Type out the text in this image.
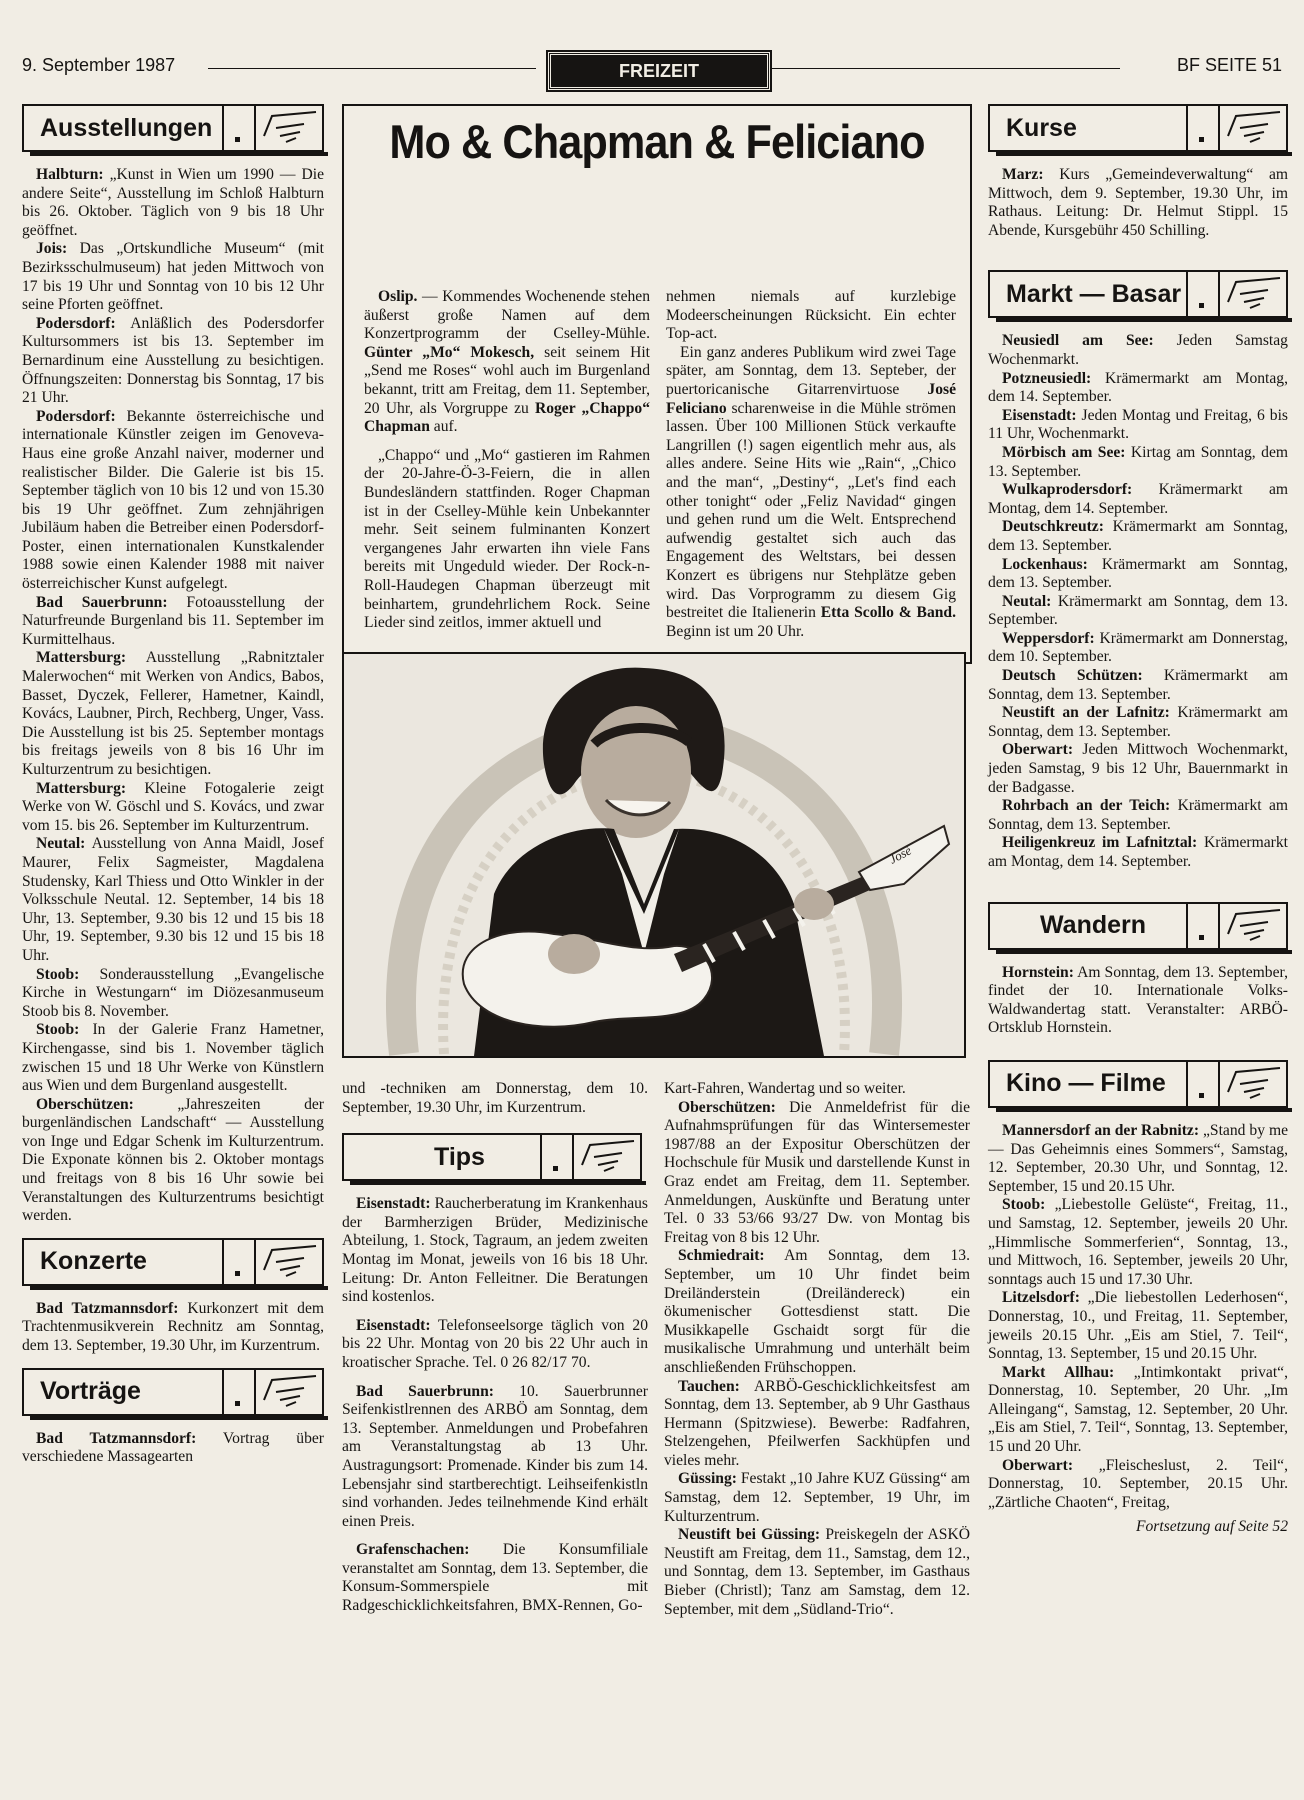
9. September 1987	FREIZEIT	BF SEITE 51
Ausstellungen

Halbturn: „Kunst in Wien um 1990 — Die andere Seite“, Ausstellung im Schloß Halbturn bis 26. Oktober. Täglich von 9 bis 18 Uhr geöffnet.

Jois: Das „Ortskundliche Museum“ (mit Bezirksschulmuseum) hat jeden Mittwoch von 17 bis 19 Uhr und Sonntag von 10 bis 12 Uhr seine Pforten geöffnet.

Podersdorf: Anläßlich des Podersdorfer Kultursommers ist bis 13. September im Bernardinum eine Ausstellung zu besichtigen. Öffnungszeiten: Donnerstag bis Sonntag, 17 bis 21 Uhr.

Podersdorf: Bekannte österreichische und internationale Künstler zeigen im Genoveva-Haus eine große Anzahl naiver, moderner und realistischer Bilder. Die Galerie ist bis 15. September täglich von 10 bis 12 und von 15.30 bis 19 Uhr geöffnet. Zum zehnjährigen Jubiläum haben die Betreiber einen Podersdorf-Poster, einen internationalen Kunstkalender 1988 sowie einen Kalender 1988 mit naiver österreichischer Kunst aufgelegt.

Bad Sauerbrunn: Fotoausstellung der Naturfreunde Burgenland bis 11. September im Kurmittelhaus.

Mattersburg: Ausstellung „Rabnitztaler Malerwochen“ mit Werken von Andics, Babos, Basset, Dyczek, Fellerer, Hametner, Kaindl, Kovács, Laubner, Pirch, Rechberg, Unger, Vass. Die Ausstellung ist bis 25. September montags bis freitags jeweils von 8 bis 16 Uhr im Kulturzentrum zu besichtigen.

Mattersburg: Kleine Fotogalerie zeigt Werke von W. Göschl und S. Kovács, und zwar vom 15. bis 26. September im Kulturzentrum.

Neutal: Ausstellung von Anna Maidl, Josef Maurer, Felix Sagmeister, Magdalena Studensky, Karl Thiess und Otto Winkler in der Volksschule Neutal. 12. September, 14 bis 18 Uhr, 13. September, 9.30 bis 12 und 15 bis 18 Uhr, 19. September, 9.30 bis 12 und 15 bis 18 Uhr.

Stoob: Sonderausstellung „Evangelische Kirche in Westungarn“ im Diözesanmuseum Stoob bis 8. November.

Stoob: In der Galerie Franz Hametner, Kirchengasse, sind bis 1. November täglich zwischen 15 und 18 Uhr Werke von Künstlern aus Wien und dem Burgenland ausgestellt.

Oberschützen: „Jahreszeiten der burgenländischen Landschaft“ — Ausstellung von Inge und Edgar Schenk im Kulturzentrum. Die Exponate können bis 2. Oktober montags und freitags von 8 bis 16 Uhr sowie bei Veranstaltungen des Kulturzentrums besichtigt werden.

Konzerte

Bad Tatzmannsdorf: Kurkonzert mit dem Trachtenmusikverein Rechnitz am Sonntag, dem 13. September, 19.30 Uhr, im Kurzentrum.

Vorträge

Bad Tatzmannsdorf: Vortrag über verschiedene Massagearten

Mo & Chapman & Feliciano

Oslip. — Kommendes Wochenende stehen äußerst große Namen auf dem Konzertprogramm der Cselley-Mühle. Günter „Mo“ Mokesch, seit seinem Hit „Send me Roses“ wohl auch im Burgenland bekannt, tritt am Freitag, dem 11. September, 20 Uhr, als Vorgruppe zu Roger „Chappo“ Chapman auf.

„Chappo“ und „Mo“ gastieren im Rahmen der 20-Jahre-Ö-3-Feiern, die in allen Bundesländern stattfinden. Roger Chapman ist in der Cselley-Mühle kein Unbekannter mehr. Seit seinem fulminanten Konzert vergangenes Jahr erwarten ihn viele Fans bereits mit Ungeduld wieder. Der Rock-n-Roll-Haudegen Chapman überzeugt mit beinhartem, grundehrlichem Rock. Seine Lieder sind zeitlos, immer aktuell und

nehmen niemals auf kurzlebige Modeerscheinungen Rücksicht. Ein echter Top-act.

Ein ganz anderes Publikum wird zwei Tage später, am Sonntag, dem 13. Septeber, der puertoricanische Gitarrenvirtuose José Feliciano scharenweise in die Mühle strömen lassen. Über 100 Millionen Stück verkaufte Langrillen (!) sagen eigentlich mehr aus, als alles andere. Seine Hits wie „Rain“, „Chico and the man“, „Destiny“, „Let's find each other tonight“ oder „Feliz Navidad“ gingen und gehen rund um die Welt. Entsprechend aufwendig gestaltet sich auch das Engagement des Weltstars, bei dessen Konzert es übrigens nur Stehplätze geben wird. Das Vorprogramm zu diesem Gig bestreitet die Italienerin Etta Scollo & Band. Beginn ist um 20 Uhr.

José

und -techniken am Donnerstag, dem 10. September, 19.30 Uhr, im Kurzentrum.

Tips

Eisenstadt: Raucherberatung im Krankenhaus der Barmherzigen Brüder, Medizinische Abteilung, 1. Stock, Tagraum, an jedem zweiten Montag im Monat, jeweils von 16 bis 18 Uhr. Leitung: Dr. Anton Felleitner. Die Beratungen sind kostenlos.

Eisenstadt: Telefonseelsorge täglich von 20 bis 22 Uhr. Montag von 20 bis 22 Uhr auch in kroatischer Sprache. Tel. 0 26 82/17 70.

Bad Sauerbrunn: 10. Sauerbrunner Seifenkistlrennen des ARBÖ am Sonntag, dem 13. September. Anmeldungen und Probefahren am Veranstaltungstag ab 13 Uhr. Austragungsort: Promenade. Kinder bis zum 14. Lebensjahr sind startberechtigt. Leihseifenkistln sind vorhanden. Jedes teilnehmende Kind erhält einen Preis.

Grafenschachen: Die Konsumfiliale veranstaltet am Sonntag, dem 13. September, die Konsum-Sommerspiele mit Radgeschicklichkeitsfahren, BMX-Rennen, Go-

Kart-Fahren, Wandertag und so weiter.

Oberschützen: Die Anmeldefrist für die Aufnahmsprüfungen für das Wintersemester 1987/88 an der Expositur Oberschützen der Hochschule für Musik und darstellende Kunst in Graz endet am Freitag, dem 11. September. Anmeldungen, Auskünfte und Beratung unter Tel. 0 33 53/66 93/27 Dw. von Montag bis Freitag von 8 bis 12 Uhr.

Schmiedrait: Am Sonntag, dem 13. September, um 10 Uhr findet beim Dreiländerstein (Dreiländereck) ein ökumenischer Gottesdienst statt. Die Musikkapelle Gschaidt sorgt für die musikalische Umrahmung und unterhält beim anschließenden Frühschoppen.

Tauchen: ARBÖ-Geschicklichkeitsfest am Sonntag, dem 13. September, ab 9 Uhr Gasthaus Hermann (Spitzwiese). Bewerbe: Radfahren, Stelzengehen, Pfeilwerfen Sackhüpfen und vieles mehr.

Güssing: Festakt „10 Jahre KUZ Güssing“ am Samstag, dem 12. September, 19 Uhr, im Kulturzentrum.

Neustift bei Güssing: Preiskegeln der ASKÖ Neustift am Freitag, dem 11., Samstag, dem 12., und Sonntag, dem 13. September, im Gasthaus Bieber (Christl); Tanz am Samstag, dem 12. September, mit dem „Südland-Trio“.

Kurse

Marz: Kurs „Gemeindeverwaltung“ am Mittwoch, dem 9. September, 19.30 Uhr, im Rathaus. Leitung: Dr. Helmut Stippl. 15 Abende, Kursgebühr 450 Schilling.

Markt — Basar

Neusiedl am See: Jeden Samstag Wochenmarkt.

Potzneusiedl: Krämermarkt am Montag, dem 14. September.

Eisenstadt: Jeden Montag und Freitag, 6 bis 11 Uhr, Wochenmarkt.

Mörbisch am See: Kirtag am Sonntag, dem 13. September.

Wulkaprodersdorf: Krämermarkt am Montag, dem 14. September.

Deutschkreutz: Krämermarkt am Sonntag, dem 13. September.

Lockenhaus: Krämermarkt am Sonntag, dem 13. September.

Neutal: Krämermarkt am Sonntag, dem 13. September.

Weppersdorf: Krämermarkt am Donnerstag, dem 10. September.

Deutsch Schützen: Krämermarkt am Sonntag, dem 13. September.

Neustift an der Lafnitz: Krämermarkt am Sonntag, dem 13. September.

Oberwart: Jeden Mittwoch Wochenmarkt, jeden Samstag, 9 bis 12 Uhr, Bauernmarkt in der Badgasse.

Rohrbach an der Teich: Krämermarkt am Sonntag, dem 13. September.

Heiligenkreuz im Lafnitztal: Krämermarkt am Montag, dem 14. September.

Wandern

Hornstein: Am Sonntag, dem 13. September, findet der 10. Internationale Volks-Waldwandertag statt. Veranstalter: ARBÖ-Ortsklub Hornstein.

Kino — Filme

Mannersdorf an der Rabnitz: „Stand by me — Das Geheimnis eines Sommers“, Samstag, 12. September, 20.30 Uhr, und Sonntag, 12. September, 15 und 20.15 Uhr.

Stoob: „Liebestolle Gelüste“, Freitag, 11., und Samstag, 12. September, jeweils 20 Uhr. „Himmlische Sommerferien“, Sonntag, 13., und Mittwoch, 16. September, jeweils 20 Uhr, sonntags auch 15 und 17.30 Uhr.

Litzelsdorf: „Die liebestollen Lederhosen“, Donnerstag, 10., und Freitag, 11. September, jeweils 20.15 Uhr. „Eis am Stiel, 7. Teil“, Sonntag, 13. September, 15 und 20.15 Uhr.

Markt Allhau: „Intimkontakt privat“, Donnerstag, 10. September, 20 Uhr. „Im Alleingang“, Samstag, 12. September, 20 Uhr. „Eis am Stiel, 7. Teil“, Sonntag, 13. September, 15 und 20 Uhr.

Oberwart: „Fleischeslust, 2. Teil“, Donnerstag, 10. September, 20.15 Uhr. „Zärtliche Chaoten“, Freitag,

Fortsetzung auf Seite 52
